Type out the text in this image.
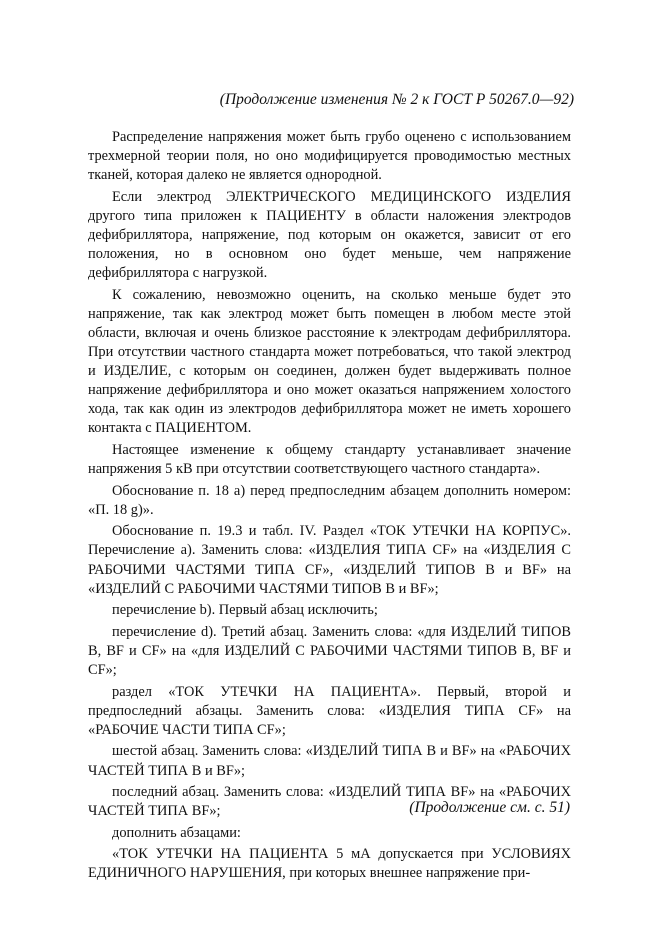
(Продолжение изменения № 2 к ГОСТ Р 50267.0—92)

Распределение напряжения может быть грубо оценено с использованием трехмерной теории поля, но оно модифицируется проводимостью местных тканей, которая далеко не является однородной.

Если электрод ЭЛЕКТРИЧЕСКОГО МЕДИЦИНСКОГО ИЗДЕЛИЯ другого типа приложен к ПАЦИЕНТУ в области наложения электродов дефибриллятора, напряжение, под которым он окажется, зависит от его положения, но в основном оно будет меньше, чем напряжение дефибриллятора с нагрузкой.

К сожалению, невозможно оценить, на сколько меньше будет это напряжение, так как электрод может быть помещен в любом месте этой области, включая и очень близкое расстояние к электродам дефибриллятора. При отсутствии частного стандарта может потребоваться, что такой электрод и ИЗДЕЛИЕ, с которым он соединен, должен будет выдерживать полное напряжение дефибриллятора и оно может оказаться напряжением холостого хода, так как один из электродов дефибриллятора может не иметь хорошего контакта с ПАЦИЕНТОМ.

Настоящее изменение к общему стандарту устанавливает значение напряжения 5 кВ при отсутствии соответствующего частного стандарта».

Обоснование п. 18 а) перед предпоследним абзацем дополнить номером: «П. 18 g)».

Обоснование п. 19.3 и табл. IV. Раздел «ТОК УТЕЧКИ НА КОРПУС». Перечисление а). Заменить слова: «ИЗДЕЛИЯ ТИПА CF» на «ИЗДЕЛИЯ С РАБОЧИМИ ЧАСТЯМИ ТИПА CF», «ИЗДЕЛИЙ ТИПОВ В и BF» на «ИЗДЕЛИЙ С РАБОЧИМИ ЧАСТЯМИ ТИПОВ В и BF»;

перечисление b). Первый абзац исключить;

перечисление d). Третий абзац. Заменить слова: «для ИЗДЕЛИЙ ТИПОВ В, BF и CF» на «для ИЗДЕЛИЙ С РАБОЧИМИ ЧАСТЯМИ ТИПОВ В, BF и CF»;

раздел «ТОК УТЕЧКИ НА ПАЦИЕНТА». Первый, второй и предпоследний абзацы. Заменить слова: «ИЗДЕЛИЯ ТИПА CF» на «РАБОЧИЕ ЧАСТИ ТИПА CF»;

шестой абзац. Заменить слова: «ИЗДЕЛИЙ ТИПА В и BF» на «РАБОЧИХ ЧАСТЕЙ ТИПА В и BF»;

последний абзац. Заменить слова: «ИЗДЕЛИЙ ТИПА BF» на «РАБОЧИХ ЧАСТЕЙ ТИПА BF»;

дополнить абзацами:

«ТОК УТЕЧКИ НА ПАЦИЕНТА 5 мА допускается при УСЛОВИЯХ ЕДИНИЧНОГО НАРУШЕНИЯ, при которых внешнее напряжение при-

(Продолжение см. с. 51)
